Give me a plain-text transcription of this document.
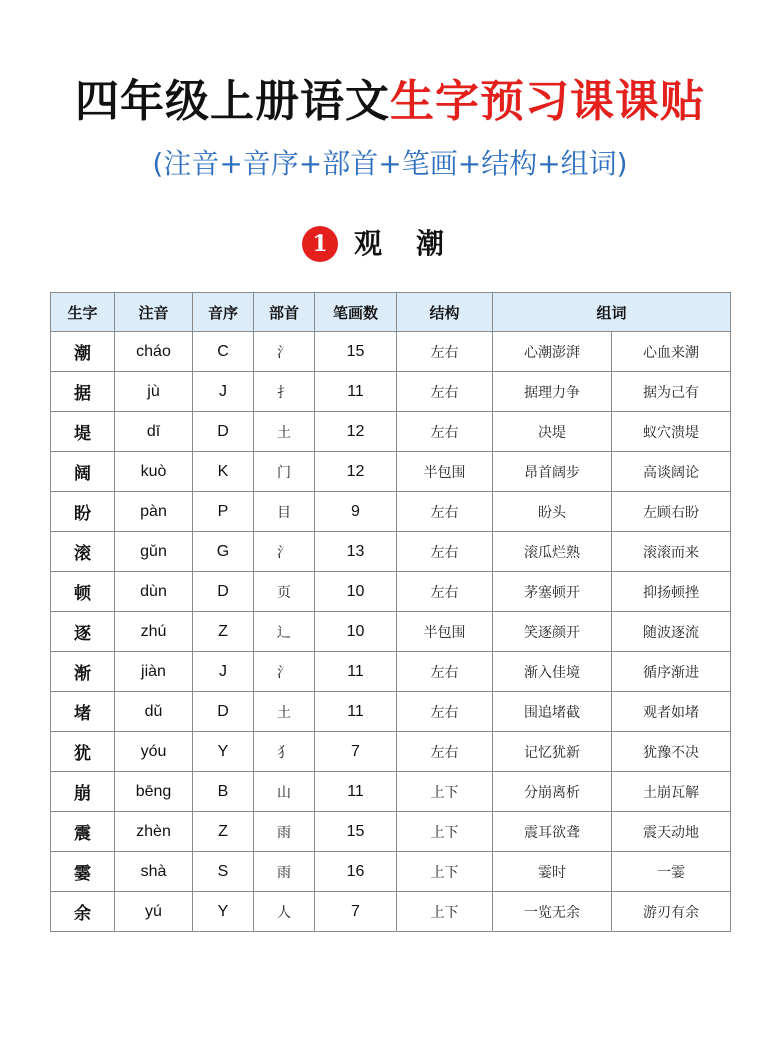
四年级上册语文生字预习课课贴
(注音+音序+部首+笔画+结构+组词)
1 观潮
生字	注音	音序	部首	笔画数	结构	组词	
潮	cháo	C	氵	15	左右	心潮澎湃	心血来潮
据	jù	J	扌	11	左右	据理力争	据为己有
堤	dī	D	土	12	左右	决堤	蚁穴溃堤
阔	kuò	K	门	12	半包围	昂首阔步	高谈阔论
盼	pàn	P	目	9	左右	盼头	左顾右盼
滚	gǔn	G	氵	13	左右	滚瓜烂熟	滚滚而来
顿	dùn	D	页	10	左右	茅塞顿开	抑扬顿挫
逐	zhú	Z	辶	10	半包围	笑逐颜开	随波逐流
渐	jiàn	J	氵	11	左右	渐入佳境	循序渐进
堵	dǔ	D	土	11	左右	围追堵截	观者如堵
犹	yóu	Y	犭	7	左右	记忆犹新	犹豫不决
崩	bēng	B	山	11	上下	分崩离析	土崩瓦解
震	zhèn	Z	雨	15	上下	震耳欲聋	震天动地
霎	shà	S	雨	16	上下	霎时	一霎
余	yú	Y	人	7	上下	一览无余	游刃有余
